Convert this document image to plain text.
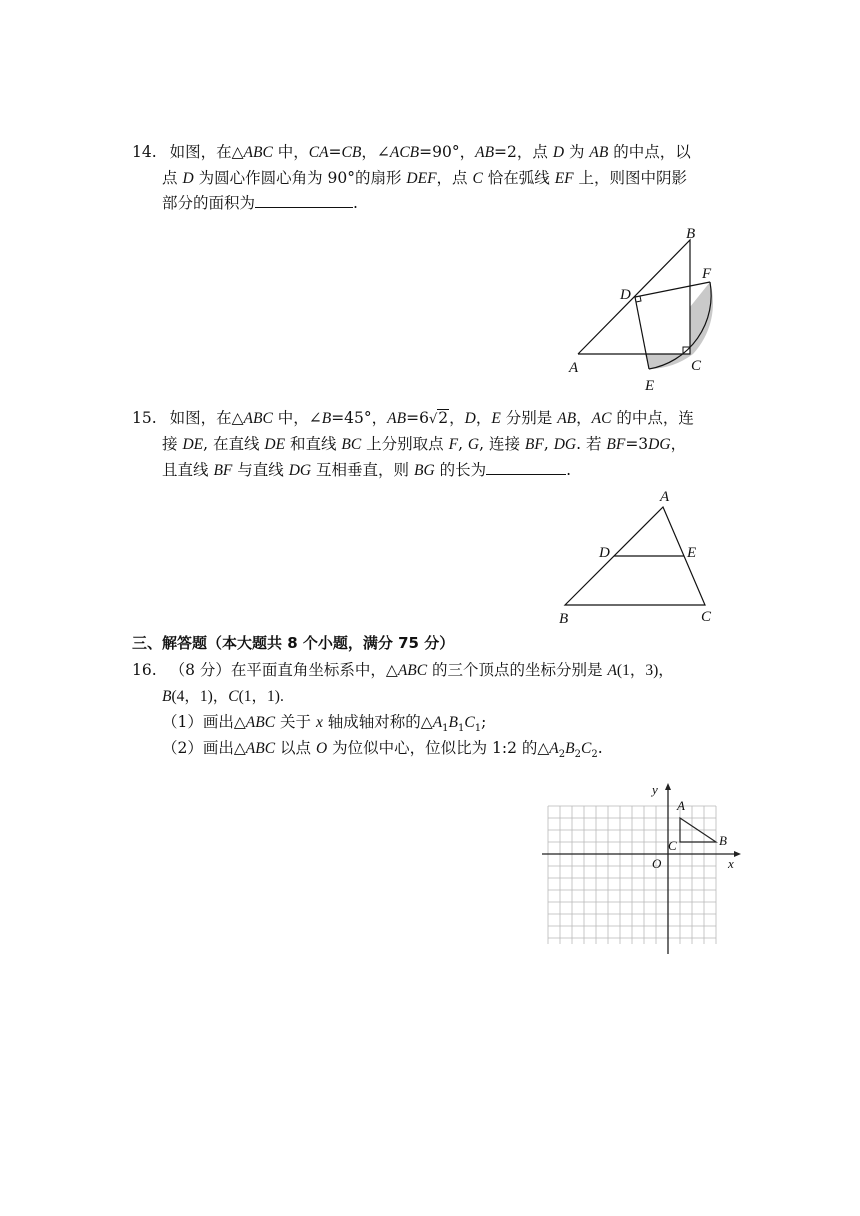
14. 如图，在△ABC 中，CA=CB，∠ACB=90°，AB=2，点 D 为 AB 的中点，以
点 D 为圆心作圆心角为 90°的扇形 DEF，点 C 恰在弧线 EF 上，则图中阴影
部分的面积为	.
B
F
D
A	C
E
15. 如图，在△ABC 中，∠B=45°，AB=6√2，D，E 分别是 AB，AC 的中点，连
接 DE, 在直线 DE 和直线 BC 上分别取点 F, G, 连接 BF, DG. 若 BF=3DG，
且直线 BF 与直线 DG 互相垂直，则 BG 的长为	.
A
D	E
B	C
三、解答题（本大题共 8 个小题，满分 75 分）
16. （8 分）在平面直角坐标系中，△ABC 的三个顶点的坐标分别是 A(1，3)，
B(4，1)，C(1，1).
（1）画出△ABC 关于 x 轴成轴对称的$\triangle A_1B_1C_1$;
（2）画出△ABC 以点 O 为位似中心，位似比为 1:2 的$\triangle A_2B_2C_2$.
y
x
O
A
B
C
